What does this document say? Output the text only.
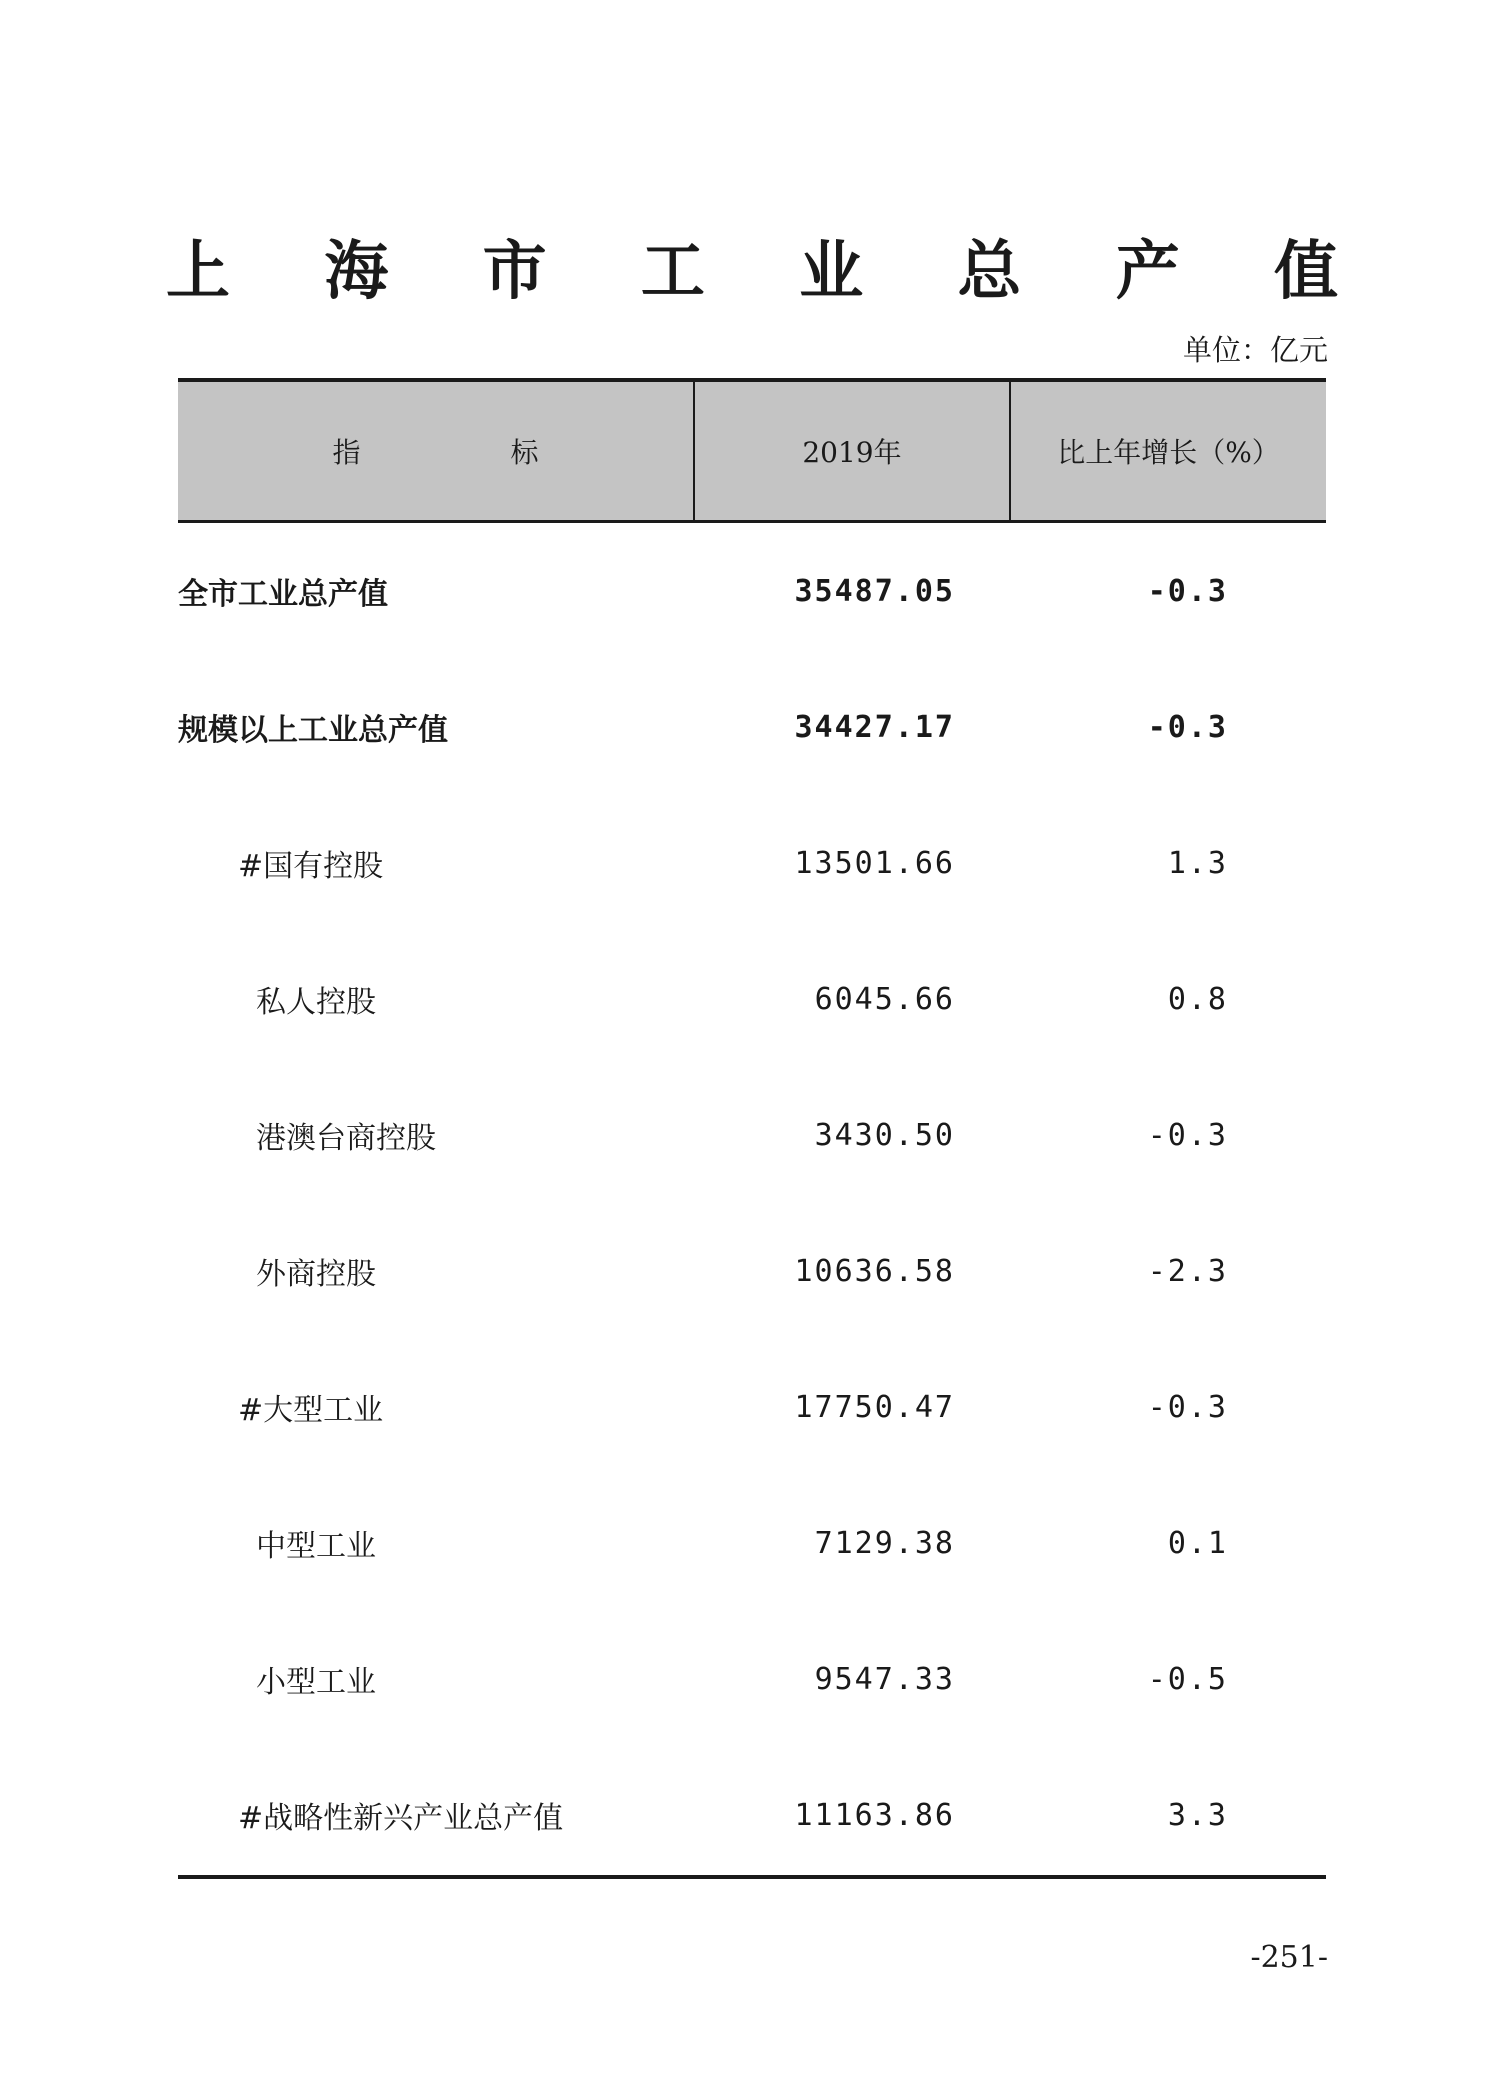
上 海 市 工 业 总 产 值
单位：亿元
指标	2019年	比上年增长（%）
全市工业总产值	35487.05	-0.3
规模以上工业总产值	34427.17	-0.3
#国有控股	13501.66	1.3
私人控股	6045.66	0.8
港澳台商控股	3430.50	-0.3
外商控股	10636.58	-2.3
#大型工业	17750.47	-0.3
中型工业	7129.38	0.1
小型工业	9547.33	-0.5
#战略性新兴产业总产值	11163.86	3.3
-251-
